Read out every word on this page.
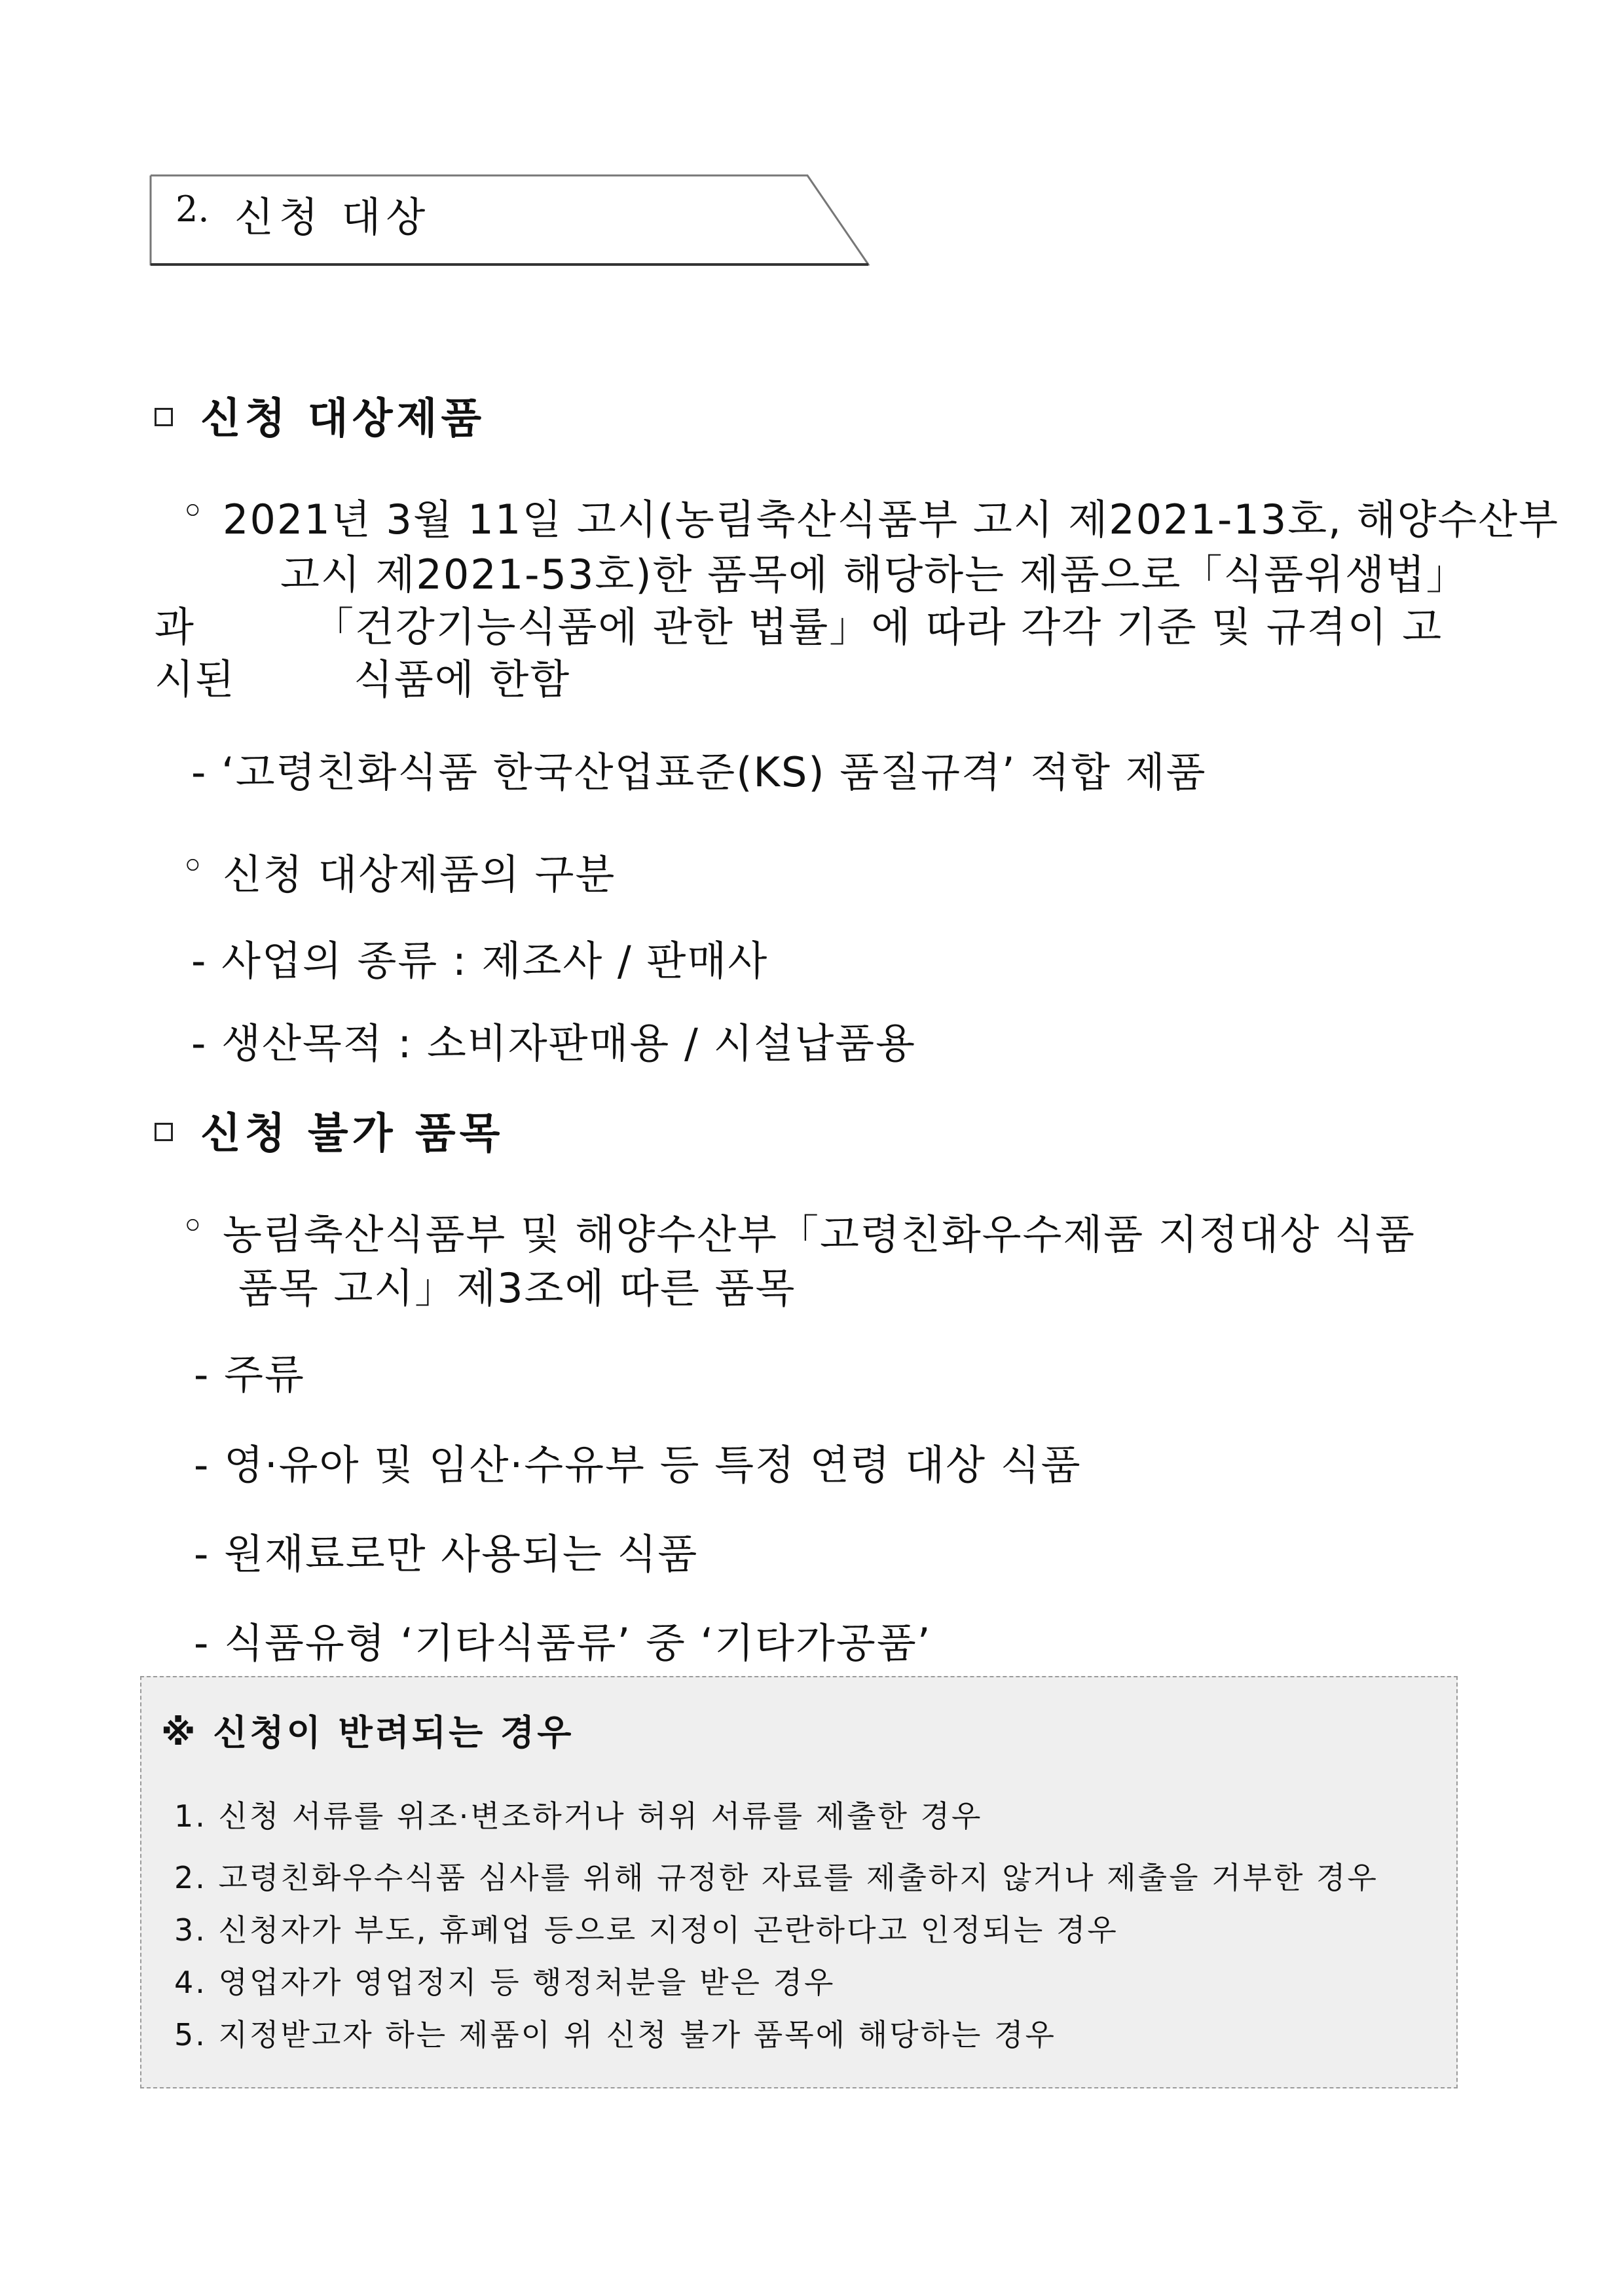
2. 신청 대상
신청 대상제품
◦ 2021년 3월 11일 고시(농림축산식품부 고시 제2021-13호, 해양수산부
고시 제2021-53호)한 품목에 해당하는 제품으로「식품위생법」
과	「건강기능식품에 관한 법률」에 따라 각각 기준 및 규격이 고
시된	식품에 한함
- ‘고령친화식품 한국산업표준(KS) 품질규격’ 적합 제품
◦ 신청 대상제품의 구분
- 사업의 종류 : 제조사 / 판매사
- 생산목적 : 소비자판매용 / 시설납품용
신청 불가 품목
◦ 농림축산식품부 및 해양수산부「고령친화우수제품 지정대상 식품
품목 고시」제3조에 따른 품목
- 주류
- 영·유아 및 임산·수유부 등 특정 연령 대상 식품
- 원재료로만 사용되는 식품
- 식품유형 ‘기타식품류’ 중 ‘기타가공품’
※ 신청이 반려되는 경우
1. 신청 서류를 위조·변조하거나 허위 서류를 제출한 경우
2. 고령친화우수식품 심사를 위해 규정한 자료를 제출하지 않거나 제출을 거부한 경우
3. 신청자가 부도, 휴폐업 등으로 지정이 곤란하다고 인정되는 경우
4. 영업자가 영업정지 등 행정처분을 받은 경우
5. 지정받고자 하는 제품이 위 신청 불가 품목에 해당하는 경우
